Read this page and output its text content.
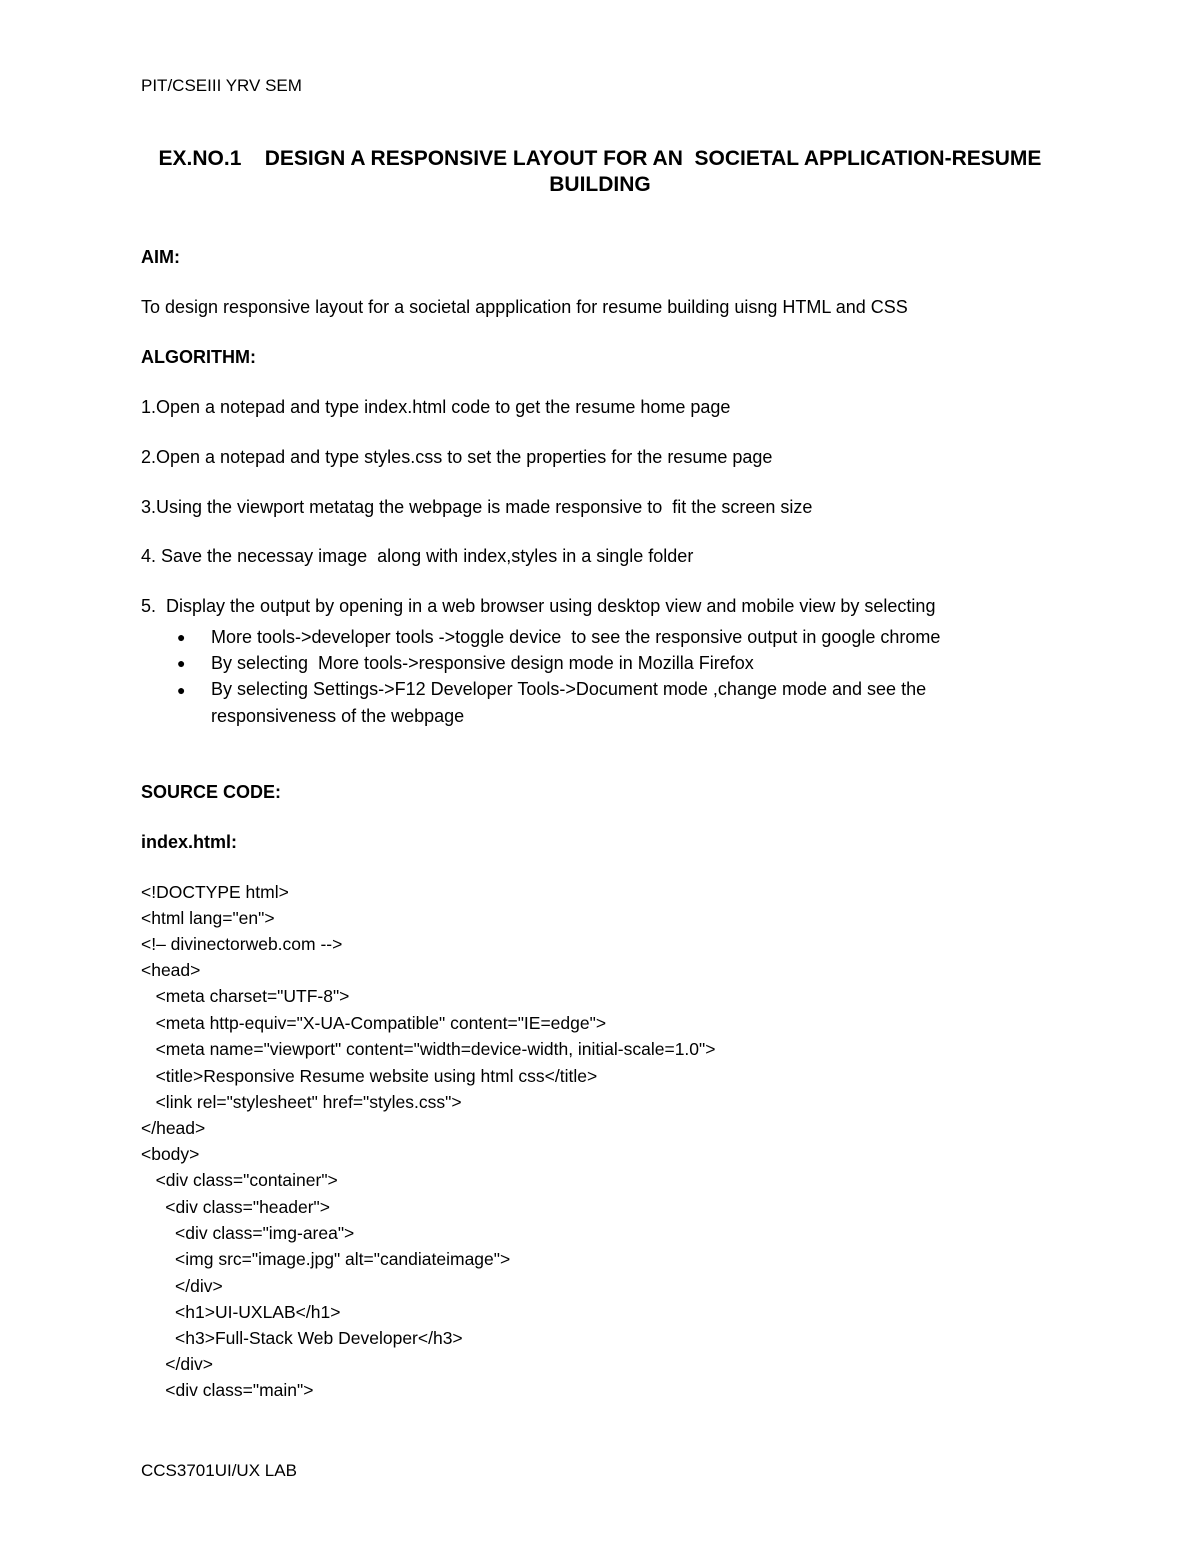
PIT/CSEIII YRV SEM
EX.NO.1    DESIGN A RESPONSIVE LAYOUT FOR AN  SOCIETAL APPLICATION-RESUME
BUILDING
AIM:
To design responsive layout for a societal appplication for resume building uisng HTML and CSS
ALGORITHM:
1.Open a notepad and type index.html code to get the resume home page
2.Open a notepad and type styles.css to set the properties for the resume page
3.Using the viewport metatag the webpage is made responsive to  fit the screen size
4. Save the necessay image  along with index,styles in a single folder
5.  Display the output by opening in a web browser using desktop view and mobile view by selecting
● More tools->developer tools ->toggle device  to see the responsive output in google chrome
● By selecting  More tools->responsive design mode in Mozilla Firefox
● By selecting Settings->F12 Developer Tools->Document mode ,change mode and see the
responsiveness of the webpage
SOURCE CODE:
index.html:
<!DOCTYPE html>
<html lang="en">
<!– divinectorweb.com -->
<head>
<meta charset="UTF-8">
<meta http-equiv="X-UA-Compatible" content="IE=edge">
<meta name="viewport" content="width=device-width, initial-scale=1.0">
<title>Responsive Resume website using html css</title>
<link rel="stylesheet" href="styles.css">
</head>
<body>
<div class="container">
<div class="header">
<div class="img-area">
<img src="image.jpg" alt="candiateimage">
</div>
<h1>UI-UXLAB</h1>
<h3>Full-Stack Web Developer</h3>
</div>
<div class="main">
CCS3701UI/UX LAB
